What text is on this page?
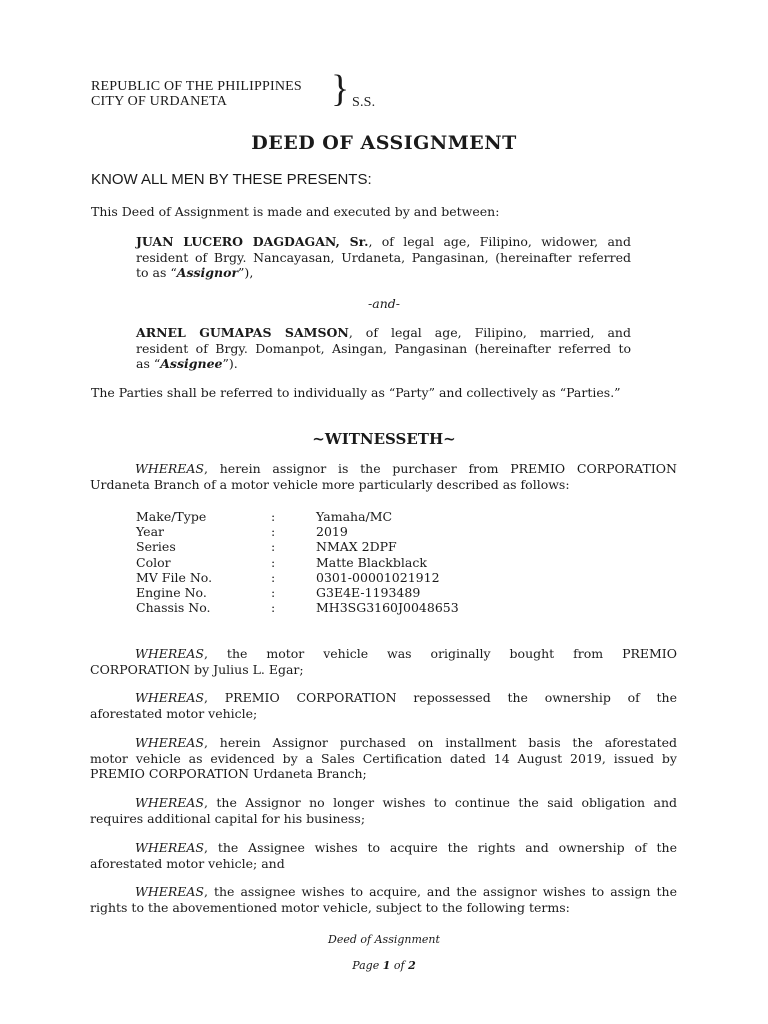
REPUBLIC OF THE PHILIPPINES
CITY OF URDANETA	} S.S.
DEED OF ASSIGNMENT
KNOW ALL MEN BY THESE PRESENTS:
This Deed of Assignment is made and executed by and between:
JUAN LUCERO DAGDAGAN, Sr., of legal age, Filipino, widower, and
resident of Brgy. Nancayasan, Urdaneta, Pangasinan, (hereinafter referred
to as “Assignor”),
-and-
ARNEL GUMAPAS SAMSON, of legal age, Filipino, married, and
resident of Brgy. Domanpot, Asingan, Pangasinan (hereinafter referred to
as “Assignee”).
The Parties shall be referred to individually as “Party” and collectively as “Parties.”
~WITNESSETH~
WHEREAS, herein assignor is the purchaser from PREMIO CORPORATION
Urdaneta Branch of a motor vehicle more particularly described as follows:
Make/Type	:	Yamaha/MC
Year	:	2019
Series	:	NMAX 2DPF
Color	:	Matte Blackblack
MV File No.	:	0301-00001021912
Engine No.	:	G3E4E-1193489
Chassis No.	:	MH3SG3160J0048653
WHEREAS, the motor vehicle was originally bought from PREMIO
CORPORATION by Julius L. Egar;
WHEREAS, PREMIO CORPORATION repossessed the ownership of the
aforestated motor vehicle;
WHEREAS, herein Assignor purchased on installment basis the aforestated
motor vehicle as evidenced by a Sales Certification dated 14 August 2019, issued by
PREMIO CORPORATION Urdaneta Branch;
WHEREAS, the Assignor no longer wishes to continue the said obligation and
requires additional capital for his business;
WHEREAS, the Assignee wishes to acquire the rights and ownership of the
aforestated motor vehicle; and
WHEREAS, the assignee wishes to acquire, and the assignor wishes to assign the
rights to the abovementioned motor vehicle, subject to the following terms:
Deed of Assignment
Page 1 of 2
